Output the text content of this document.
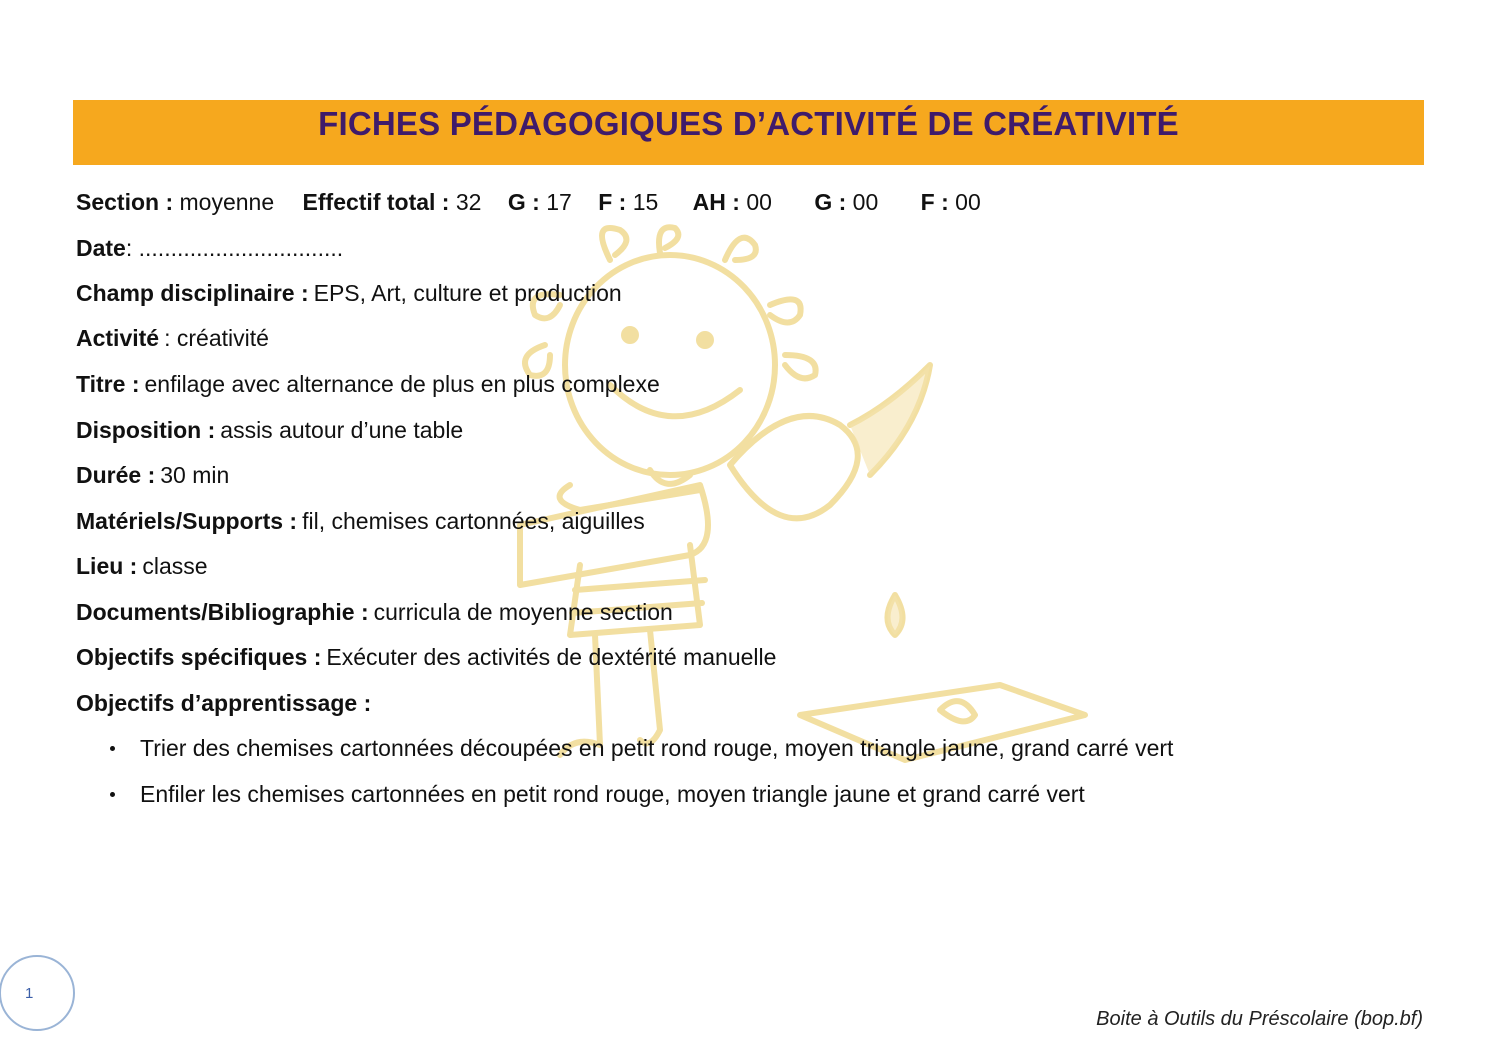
FICHES PÉDAGOGIQUES D’ACTIVITÉ DE CRÉATIVITÉ
Section : moyenne Effectif total : 32 G : 17 F : 15 AH : 00 G : 00 F : 00
Date: ................................
Champ disciplinaire : EPS, Art, culture et production
Activité : créativité
Titre : enfilage avec alternance de plus en plus complexe
Disposition : assis autour d’une table
Durée : 30 min
Matériels/Supports : fil, chemises cartonnées, aiguilles
Lieu : classe
Documents/Bibliographie : curricula de moyenne section
Objectifs spécifiques : Exécuter des activités de dextérité manuelle
Objectifs d’apprentissage :
Trier des chemises cartonnées découpées en petit rond rouge, moyen triangle jaune, grand carré vert
Enfiler les chemises cartonnées en petit rond rouge, moyen triangle jaune et grand carré vert
1
Boite à Outils du Préscolaire (bop.bf)
